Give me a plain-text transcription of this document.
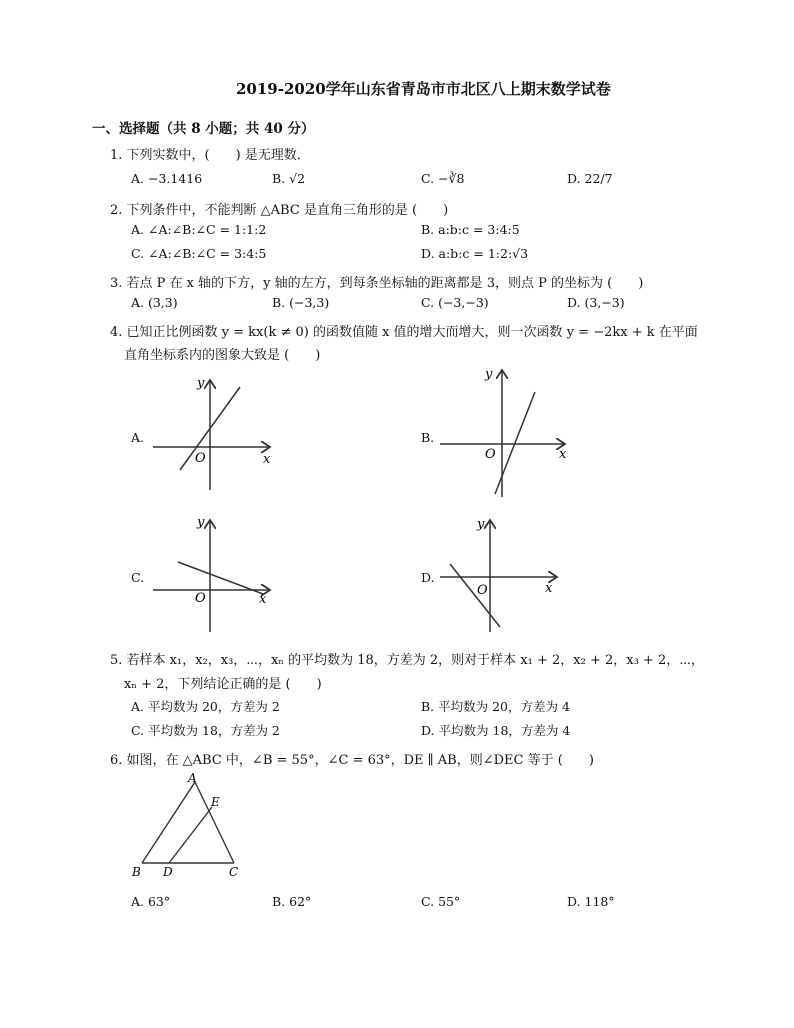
2019-2020学年山东省青岛市市北区八上期末数学试卷
一、选择题（共 8 小题；共 40 分）
1. 下列实数中，(　　) 是无理数．
A. −3.1416	B. √2	C. −∛8	D. 22/7
2. 下列条件中，不能判断 △ABC 是直角三角形的是 (　　)
A. ∠A:∠B:∠C = 1:1:2	B. a:b:c = 3:4:5
C. ∠A:∠B:∠C = 3:4:5	D. a:b:c = 1:2:√3
3. 若点 P 在 x 轴的下方，y 轴的左方，到每条坐标轴的距离都是 3，则点 P 的坐标为 (　　)
A. (3,3)	B. (−3,3)	C. (−3,−3)	D. (3,−3)
4. 已知正比例函数 y = kx(k ≠ 0) 的函数值随 x 值的增大而增大，则一次函数 y = −2kx + k 在平面
直角坐标系内的图象大致是 (　　)
A.	B.
C.	D.
y
x
O
y
x
O
y
x
O
y
x
O
5. 若样本 x₁，x₂，x₃，⋯，xₙ 的平均数为 18，方差为 2，则对于样本 x₁ + 2，x₂ + 2，x₃ + 2，⋯，
xₙ + 2，下列结论正确的是 (　　)
A. 平均数为 20，方差为 2	B. 平均数为 20，方差为 4
C. 平均数为 18，方差为 2	D. 平均数为 18，方差为 4
6. 如图，在 △ABC 中，∠B = 55°，∠C = 63°，DE ∥ AB，则∠DEC 等于 (　　)
A
E
B D	C
A. 63°	B. 62°	C. 55°	D. 118°
